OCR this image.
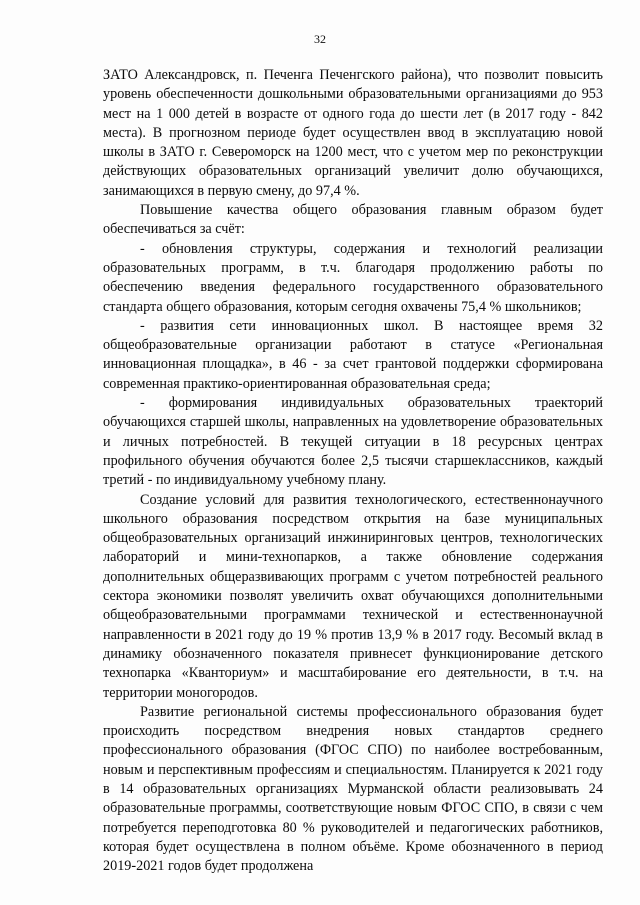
32

ЗАТО Александровск, п. Печенга Печенгского района), что позволит повысить уровень обеспеченности дошкольными образовательными организациями до 953 мест на 1 000 детей в возрасте от одного года до шести лет (в 2017 году - 842 места). В прогнозном периоде будет осуществлен ввод в эксплуатацию новой школы в ЗАТО г. Североморск на 1200 мест, что с учетом мер по реконструкции действующих образовательных организаций увеличит долю обучающихся, занимающихся в первую смену, до 97,4 %.

Повышение качества общего образования главным образом будет обеспечиваться за счёт:

- обновления структуры, содержания и технологий реализации образовательных программ, в т.ч. благодаря продолжению работы по обеспечению введения федерального государственного образовательного стандарта общего образования, которым сегодня охвачены 75,4 % школьников;

- развития сети инновационных школ. В настоящее время 32 общеобразовательные организации работают в статусе «Региональная инновационная площадка», в 46 - за счет грантовой поддержки сформирована современная практико-ориентированная образовательная среда;

- формирования индивидуальных образовательных траекторий обучающихся старшей школы, направленных на удовлетворение образовательных и личных потребностей. В текущей ситуации в 18 ресурсных центрах профильного обучения обучаются более 2,5 тысячи старшеклассников, каждый третий - по индивидуальному учебному плану.

Создание условий для развития технологического, естественнонаучного школьного образования посредством открытия на базе муниципальных общеобразовательных организаций инжиниринговых центров, технологических лабораторий и мини-технопарков, а также обновление содержания дополнительных общеразвивающих программ с учетом потребностей реального сектора экономики позволят увеличить охват обучающихся дополнительными общеобразовательными программами технической и естественнонаучной направленности в 2021 году до 19 % против 13,9 % в 2017 году. Весомый вклад в динамику обозначенного показателя привнесет функционирование детского технопарка «Кванториум» и масштабирование его деятельности, в т.ч. на территории моногородов.

Развитие региональной системы профессионального образования будет происходить посредством внедрения новых стандартов среднего профессионального образования (ФГОС СПО) по наиболее востребованным, новым и перспективным профессиям и специальностям. Планируется к 2021 году в 14 образовательных организациях Мурманской области реализовывать 24 образовательные программы, соответствующие новым ФГОС СПО, в связи с чем потребуется переподготовка 80 % руководителей и педагогических работников, которая будет осуществлена в полном объёме. Кроме обозначенного в период 2019-2021 годов будет продолжена
